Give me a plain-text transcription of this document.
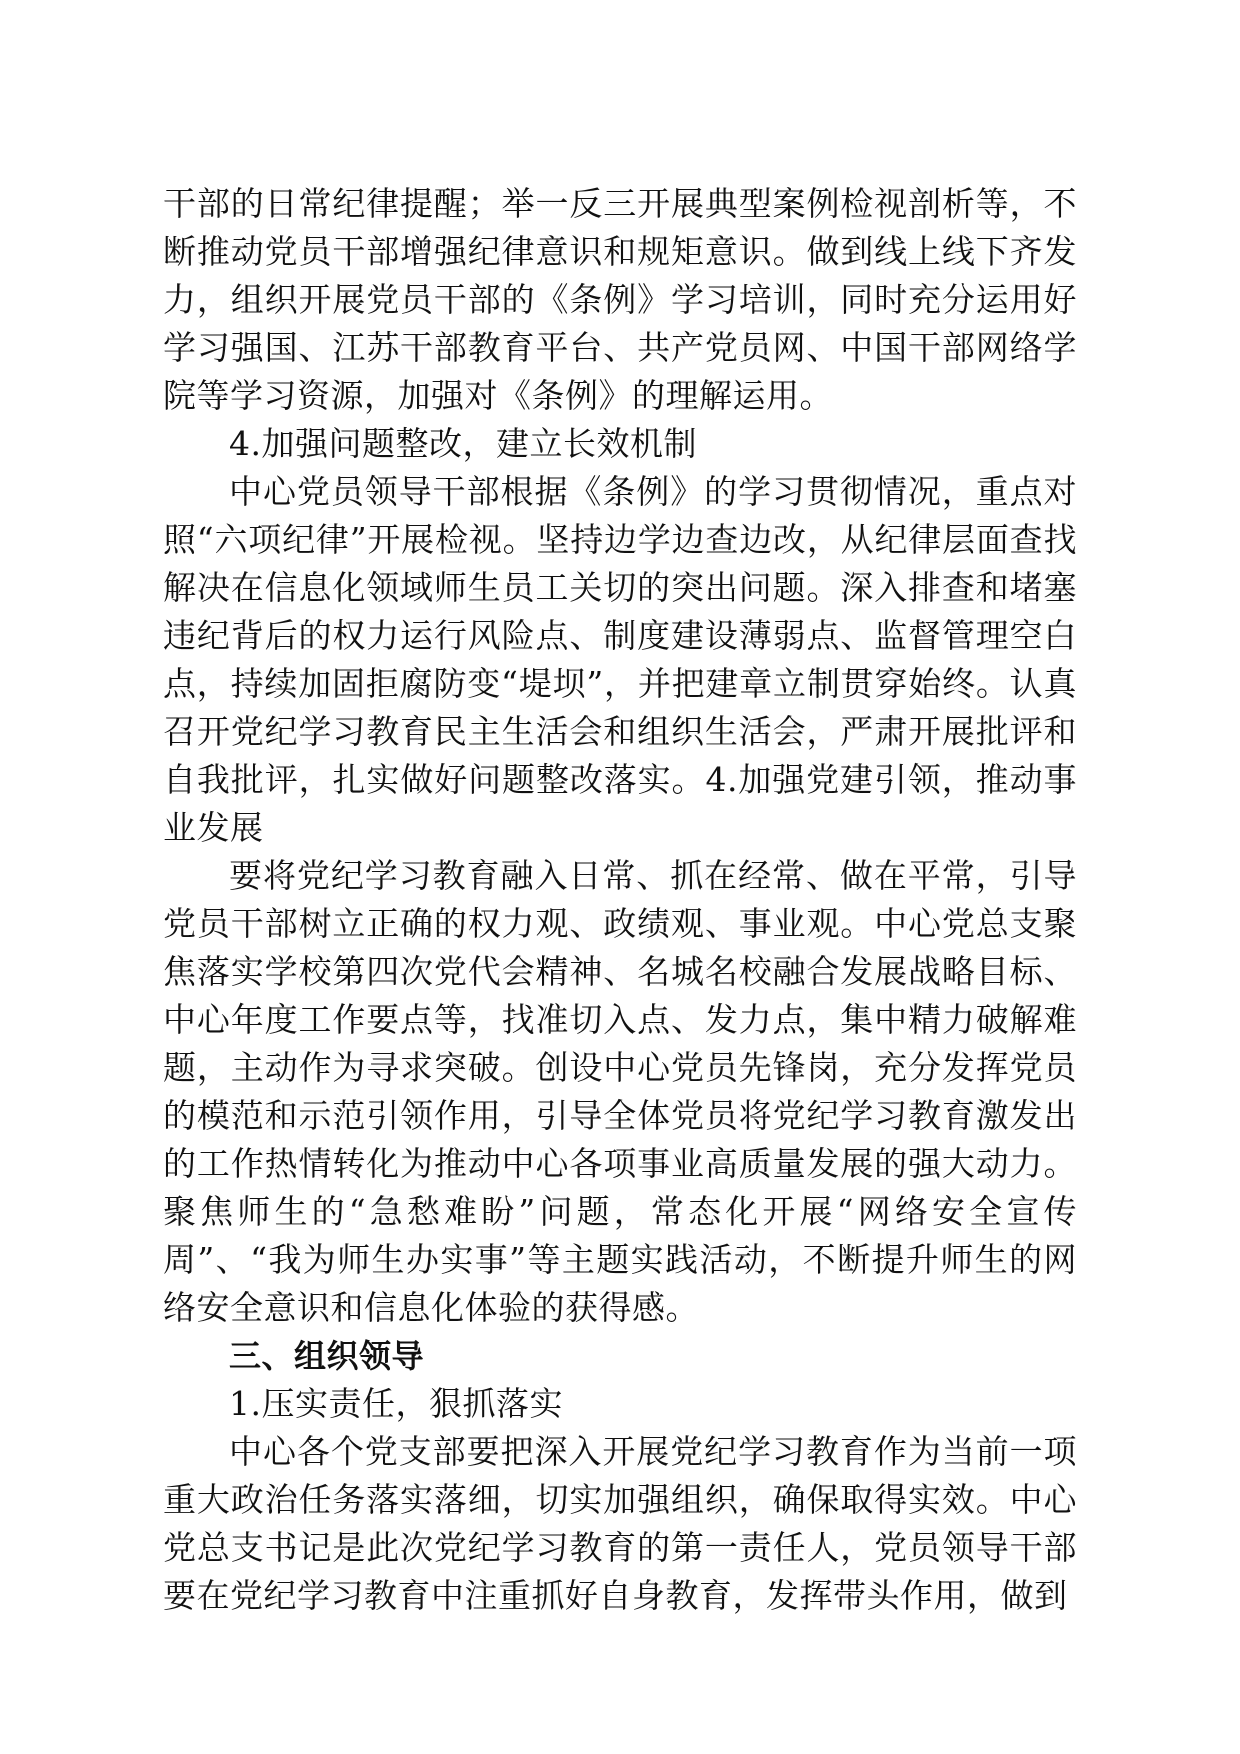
干部的日常纪律提醒；举一反三开展典型案例检视剖析等，不断推动党员干部增强纪律意识和规矩意识。做到线上线下齐发力，组织开展党员干部的《条例》学习培训，同时充分运用好学习强国、江苏干部教育平台、共产党员网、中国干部网络学院等学习资源，加强对《条例》的理解运用。

4.加强问题整改，建立长效机制

中心党员领导干部根据《条例》的学习贯彻情况，重点对照“六项纪律”开展检视。坚持边学边查边改，从纪律层面查找解决在信息化领域师生员工关切的突出问题。深入排查和堵塞违纪背后的权力运行风险点、制度建设薄弱点、监督管理空白点，持续加固拒腐防变“堤坝”，并把建章立制贯穿始终。认真召开党纪学习教育民主生活会和组织生活会，严肃开展批评和自我批评，扎实做好问题整改落实。4.加强党建引领，推动事业发展

要将党纪学习教育融入日常、抓在经常、做在平常，引导党员干部树立正确的权力观、政绩观、事业观。中心党总支聚焦落实学校第四次党代会精神、名城名校融合发展战略目标、中心年度工作要点等，找准切入点、发力点，集中精力破解难题，主动作为寻求突破。创设中心党员先锋岗，充分发挥党员的模范和示范引领作用，引导全体党员将党纪学习教育激发出的工作热情转化为推动中心各项事业高质量发展的强大动力。聚焦师生的“急愁难盼”问题，常态化开展“网络安全宣传周”、“我为师生办实事”等主题实践活动，不断提升师生的网络安全意识和信息化体验的获得感。

三、组织领导

1.压实责任，狠抓落实

中心各个党支部要把深入开展党纪学习教育作为当前一项重大政治任务落实落细，切实加强组织，确保取得实效。中心党总支书记是此次党纪学习教育的第一责任人，党员领导干部要在党纪学习教育中注重抓好自身教育，发挥带头作用，做到
